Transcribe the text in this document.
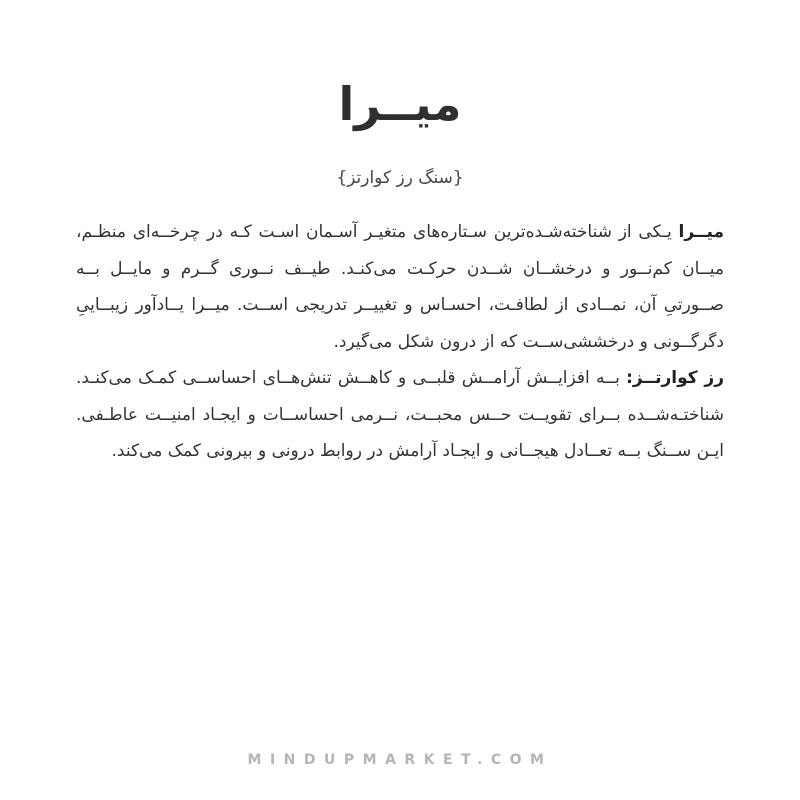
میــرا
{سنگ رز کوارتز}

میــرا یـکی از شناخته‌شـده‌ترین سـتاره‌های متغیـر آسـمان اسـت کـه در چرخــه‌ای منظـم، میــان کم‌نــور و درخشــان شــدن حرکـت می‌کنـد. طیــف نــوری گــرم و مایــل بــه صــورتیِ آن، نمــادی از لطافـت، احسـاس و تغییــر تدریجی اســت. میــرا یــادآور زیبــاییِ دگرگــونی و درخششی‌ســت که از درون شکل می‌گیرد.

رز کوارتــز: بــه افزایــش آرامــش قلبــی و کاهــش تنش‌هــای احساســی کمـک می‌کنـد. شناختـه‌شــده بــرای تقویــت حــس محبــت، نــرمی احساســات و ایجـاد امنیــت عاطـفی. ایـن ســنگ بــه تعــادل هیجــانی و ایجـاد آرامش در روابط درونی و بیرونی کمک می‌کند.

MINDUPMARKET.COM
